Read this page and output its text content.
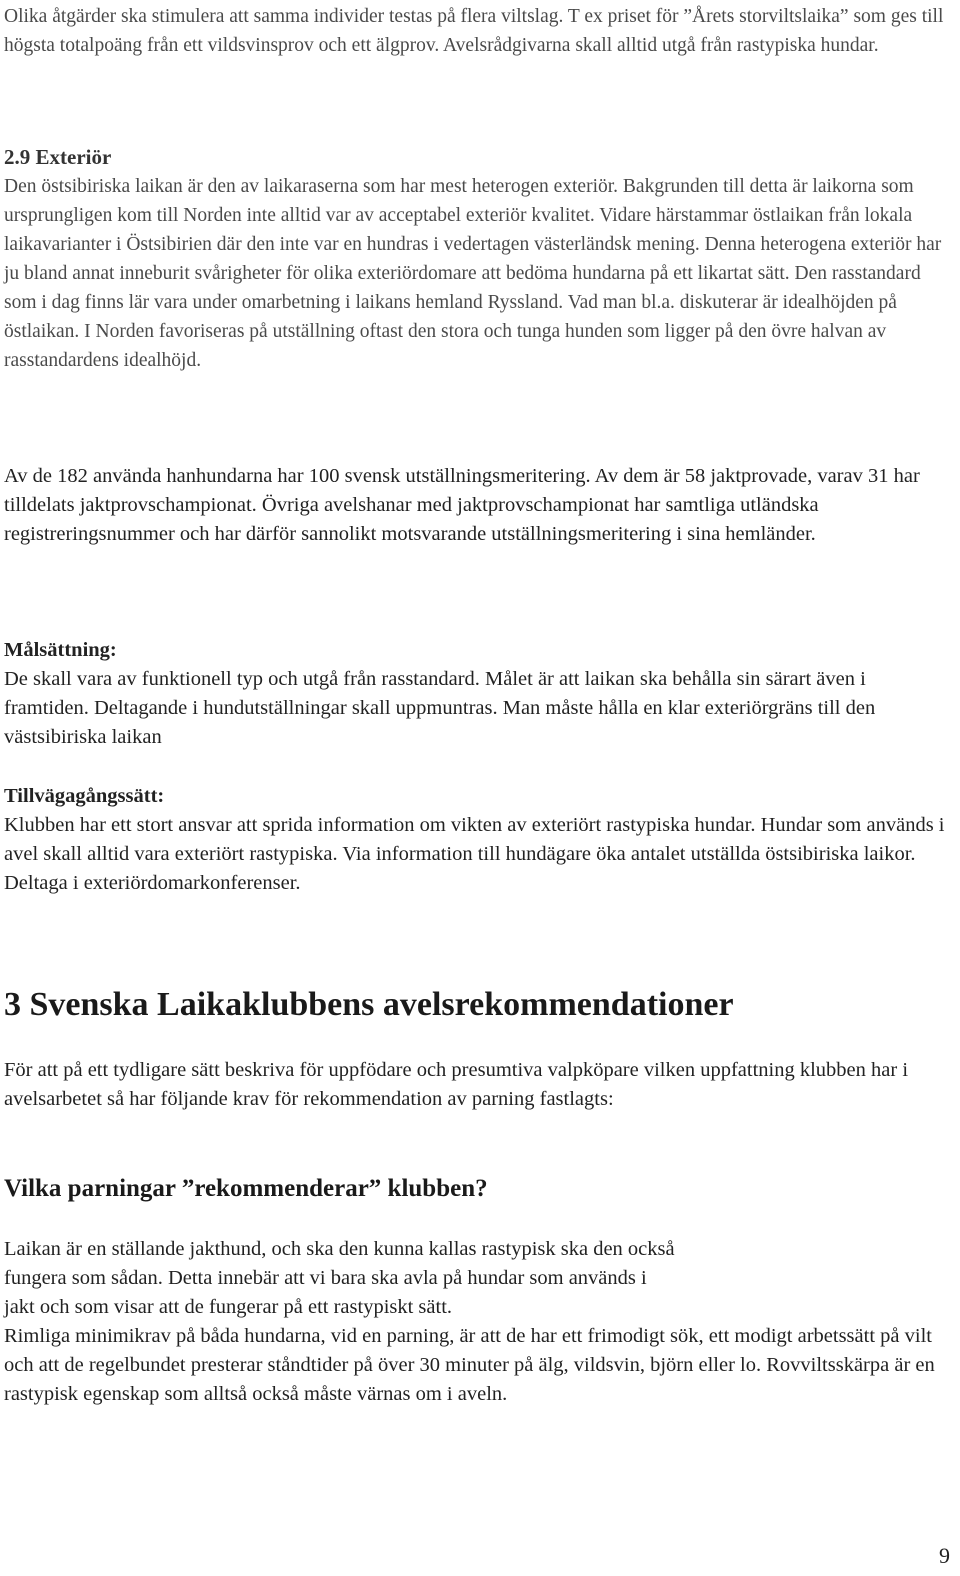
Olika åtgärder ska stimulera att samma individer testas på flera viltslag. T ex priset för ”Årets storviltslaika” som ges till högsta totalpoäng från ett vildsvinsprov och ett älgprov. Avelsrådgivarna skall alltid utgå från rastypiska hundar.

2.9 Exteriör

Den östsibiriska laikan är den av laikaraserna som har mest heterogen exteriör. Bakgrunden till detta är laikorna som ursprungligen kom till Norden inte alltid var av acceptabel exteriör kvalitet. Vidare härstammar östlaikan från lokala laikavarianter i Östsibirien där den inte var en hundras i vedertagen västerländsk mening. Denna heterogena exteriör har ju bland annat inneburit svårigheter för olika exteriördomare att bedöma hundarna på ett likartat sätt. Den rasstandard som i dag finns lär vara under omarbetning i laikans hemland Ryssland. Vad man bl.a. diskuterar är idealhöjden på östlaikan. I Norden favoriseras på utställning oftast den stora och tunga hunden som ligger på den övre halvan av rasstandardens idealhöjd.

Av de 182 använda hanhundarna har 100 svensk utställningsmeritering. Av dem är 58 jaktprovade, varav 31 har tilldelats jaktprovschampionat. Övriga avelshanar med jaktprovschampionat har samtliga utländska registreringsnummer och har därför sannolikt motsvarande utställningsmeritering i sina hemländer.

Målsättning:

De skall vara av funktionell typ och utgå från rasstandard. Målet är att laikan ska behålla sin särart även i framtiden. Deltagande i hundutställningar skall uppmuntras. Man måste hålla en klar exteriörgräns till den västsibiriska laikan

Tillvägagångssätt:

Klubben har ett stort ansvar att sprida information om vikten av exteriört rastypiska hundar. Hundar som används i avel skall alltid vara exteriört rastypiska. Via information till hundägare öka antalet utställda östsibiriska laikor. Deltaga i exteriördomarkonferenser.

3 Svenska Laikaklubbens avelsrekommendationer

För att på ett tydligare sätt beskriva för uppfödare och presumtiva valpköpare vilken uppfattning klubben har i avelsarbetet så har följande krav för rekommendation av parning fastlagts:

Vilka parningar ”rekommenderar” klubben?

Laikan är en ställande jakthund, och ska den kunna kallas rastypisk ska den också
fungera som sådan. Detta innebär att vi bara ska avla på hundar som används i
jakt och som visar att de fungerar på ett rastypiskt sätt.

Rimliga minimikrav på båda hundarna, vid en parning, är att de har ett frimodigt sök, ett modigt arbetssätt på vilt och att de regelbundet presterar ståndtider på över 30 minuter på älg, vildsvin, björn eller lo. Rovviltsskärpa är en rastypisk egenskap som alltså också måste värnas om i aveln.

9
